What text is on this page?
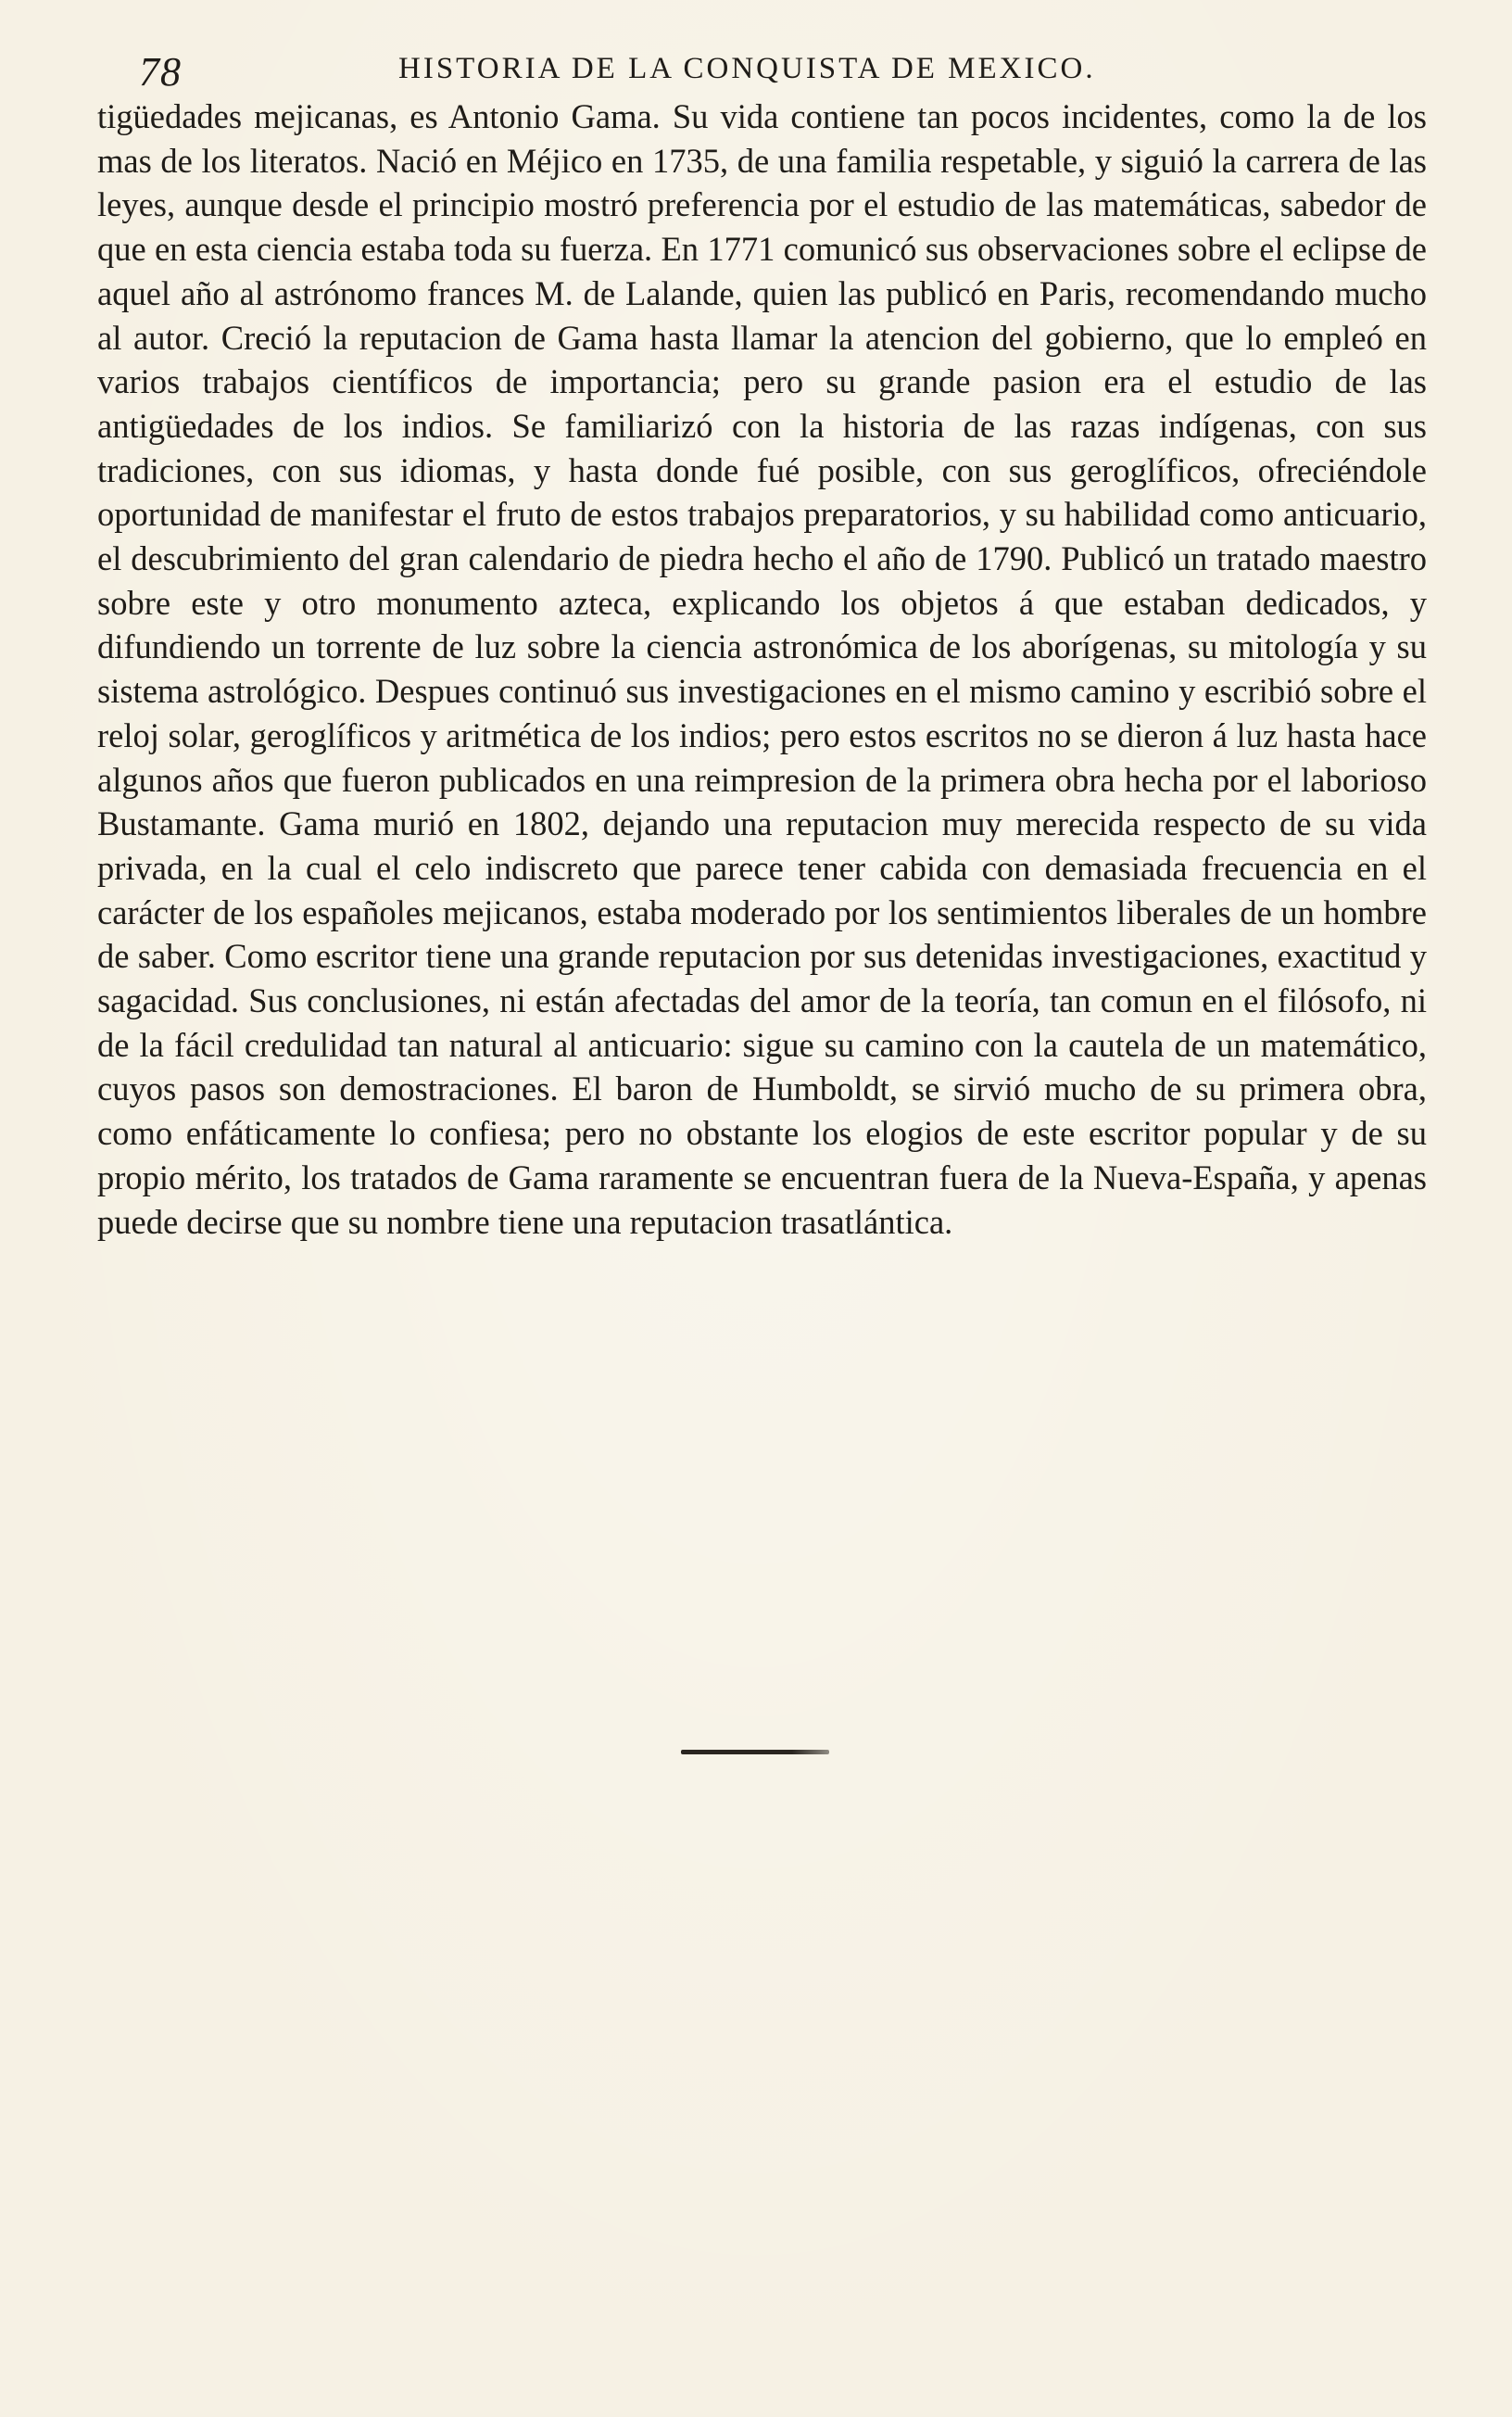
78	HISTORIA DE LA CONQUISTA DE MEXICO.

tigüedades mejicanas, es Antonio Gama. Su vida contiene tan pocos incidentes, como la de los mas de los literatos. Nació en Méjico en 1735, de una familia respetable, y siguió la carrera de las leyes, aunque desde el principio mostró preferencia por el estudio de las matemáticas, sabedor de que en esta ciencia estaba toda su fuerza. En 1771 comunicó sus observaciones sobre el eclipse de aquel año al astrónomo frances M. de Lalande, quien las publicó en Paris, recomendando mucho al autor. Creció la reputacion de Gama hasta llamar la atencion del gobierno, que lo empleó en varios trabajos científicos de importancia; pero su grande pasion era el estudio de las antigüedades de los indios. Se familiarizó con la historia de las razas indígenas, con sus tradiciones, con sus idiomas, y hasta donde fué posible, con sus geroglíficos, ofreciéndole oportunidad de manifestar el fruto de estos trabajos preparatorios, y su habilidad como anticuario, el descubrimiento del gran calendario de piedra hecho el año de 1790. Publicó un tratado maestro sobre este y otro monumento azteca, explicando los objetos á que estaban dedicados, y difundiendo un torrente de luz sobre la ciencia astronómica de los aborígenas, su mitología y su sistema astrológico. Despues continuó sus investigaciones en el mismo camino y escribió sobre el reloj solar, geroglíficos y aritmética de los indios; pero estos escritos no se dieron á luz hasta hace algunos años que fueron publicados en una reimpresion de la primera obra hecha por el laborioso Bustamante. Gama murió en 1802, dejando una reputacion muy merecida respecto de su vida privada, en la cual el celo indiscreto que parece tener cabida con demasiada frecuencia en el carácter de los españoles mejicanos, estaba moderado por los sentimientos liberales de un hombre de saber. Como escritor tiene una grande reputacion por sus detenidas investigaciones, exactitud y sagacidad. Sus conclusiones, ni están afectadas del amor de la teoría, tan comun en el filósofo, ni de la fácil credulidad tan natural al anticuario: sigue su camino con la cautela de un matemático, cuyos pasos son demostraciones. El baron de Humboldt, se sirvió mucho de su primera obra, como enfáticamente lo confiesa; pero no obstante los elogios de este escritor popular y de su propio mérito, los tratados de Gama raramente se encuentran fuera de la Nueva-España, y apenas puede decirse que su nombre tiene una reputacion trasatlántica.
